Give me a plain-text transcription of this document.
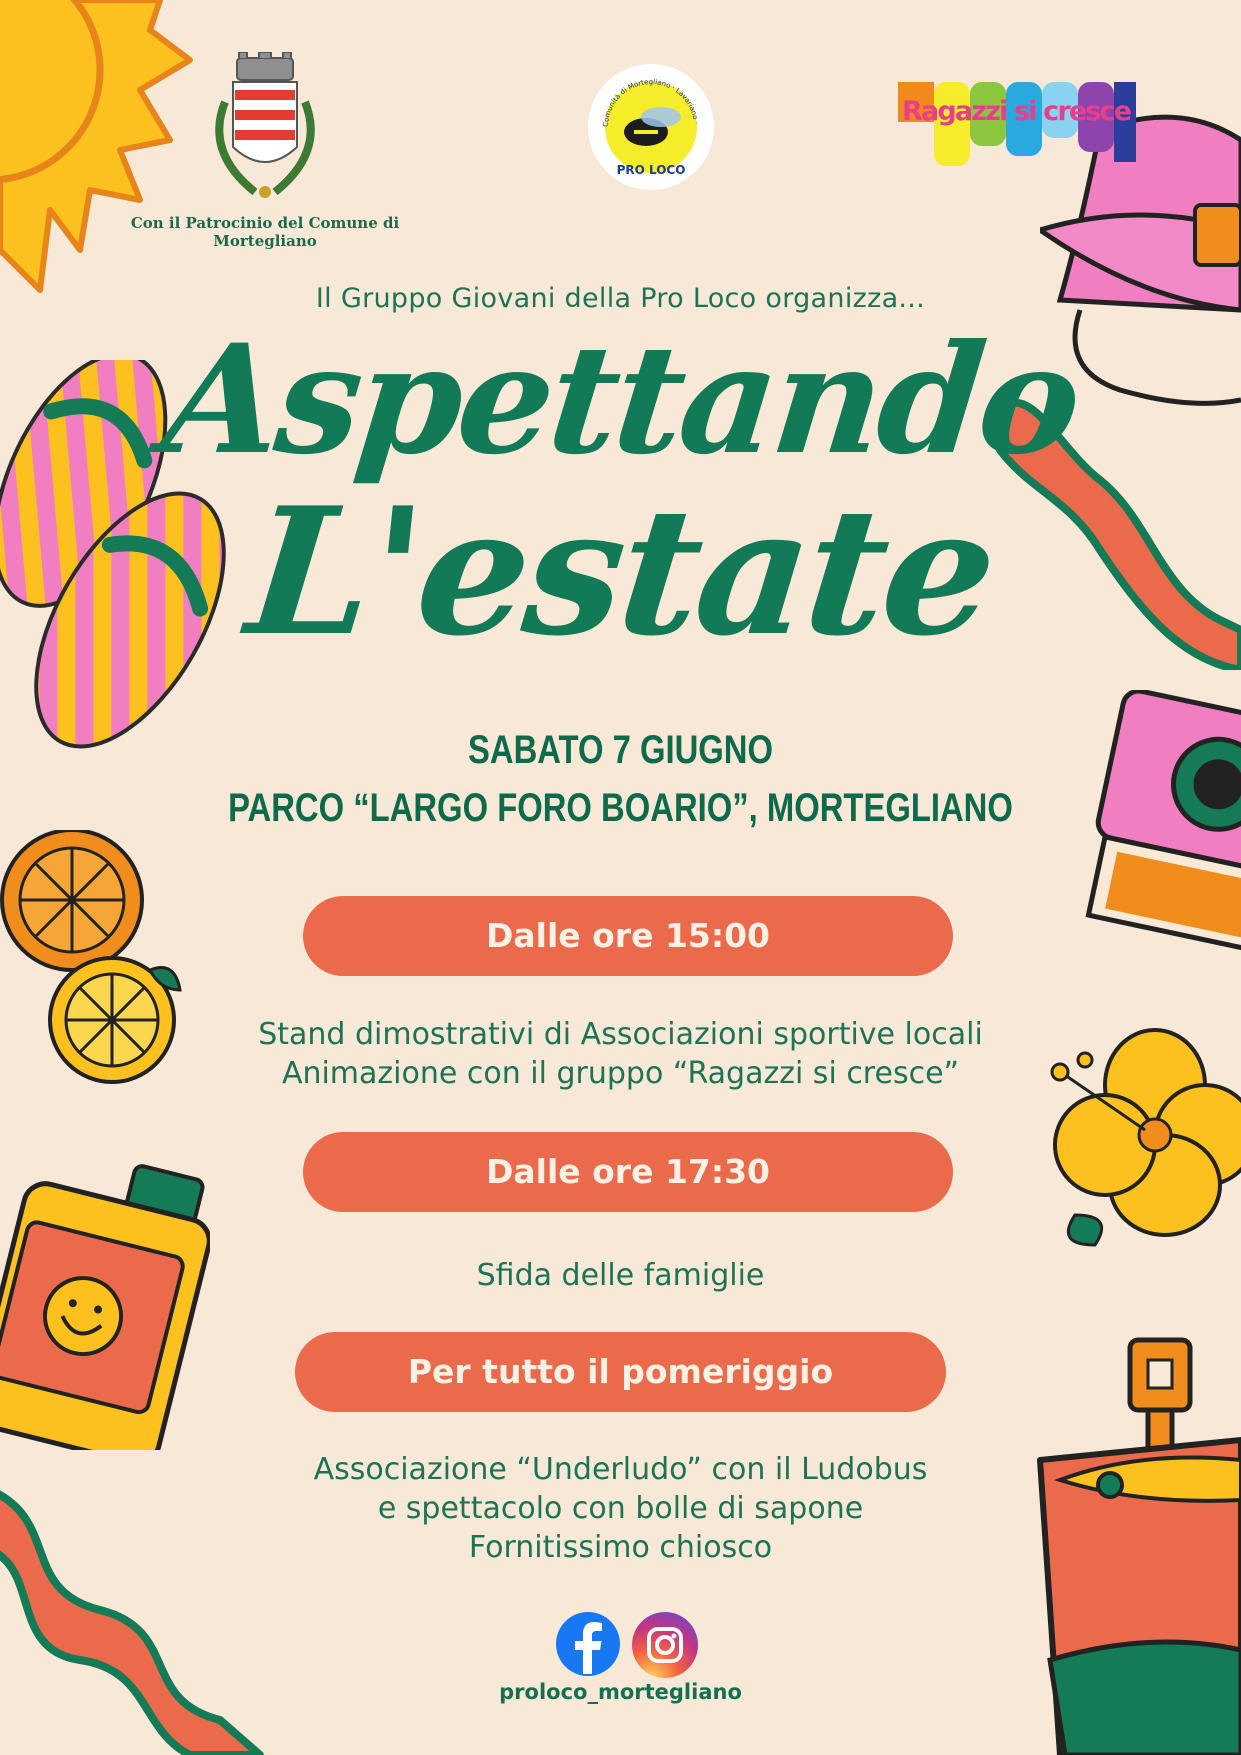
Con il Patrocinio del Comune di Mortegliano
PRO LOCO
Comunità di Mortegliano · Lavariano ·	Ragazzi si cresce
Il Gruppo Giovani della Pro Loco organizza...
Aspettando
L'estate
SABATO 7 GIUGNO
PARCO “LARGO FORO BOARIO”, MORTEGLIANO
Dalle ore 15:00
Stand dimostrativi di Associazioni sportive locali
Animazione con il gruppo “Ragazzi si cresce”
Dalle ore 17:30
Sfida delle famiglie
Per tutto il pomeriggio
Associazione “Underludo” con il Ludobus
e spettacolo con bolle di sapone
Fornitissimo chiosco
proloco_mortegliano
